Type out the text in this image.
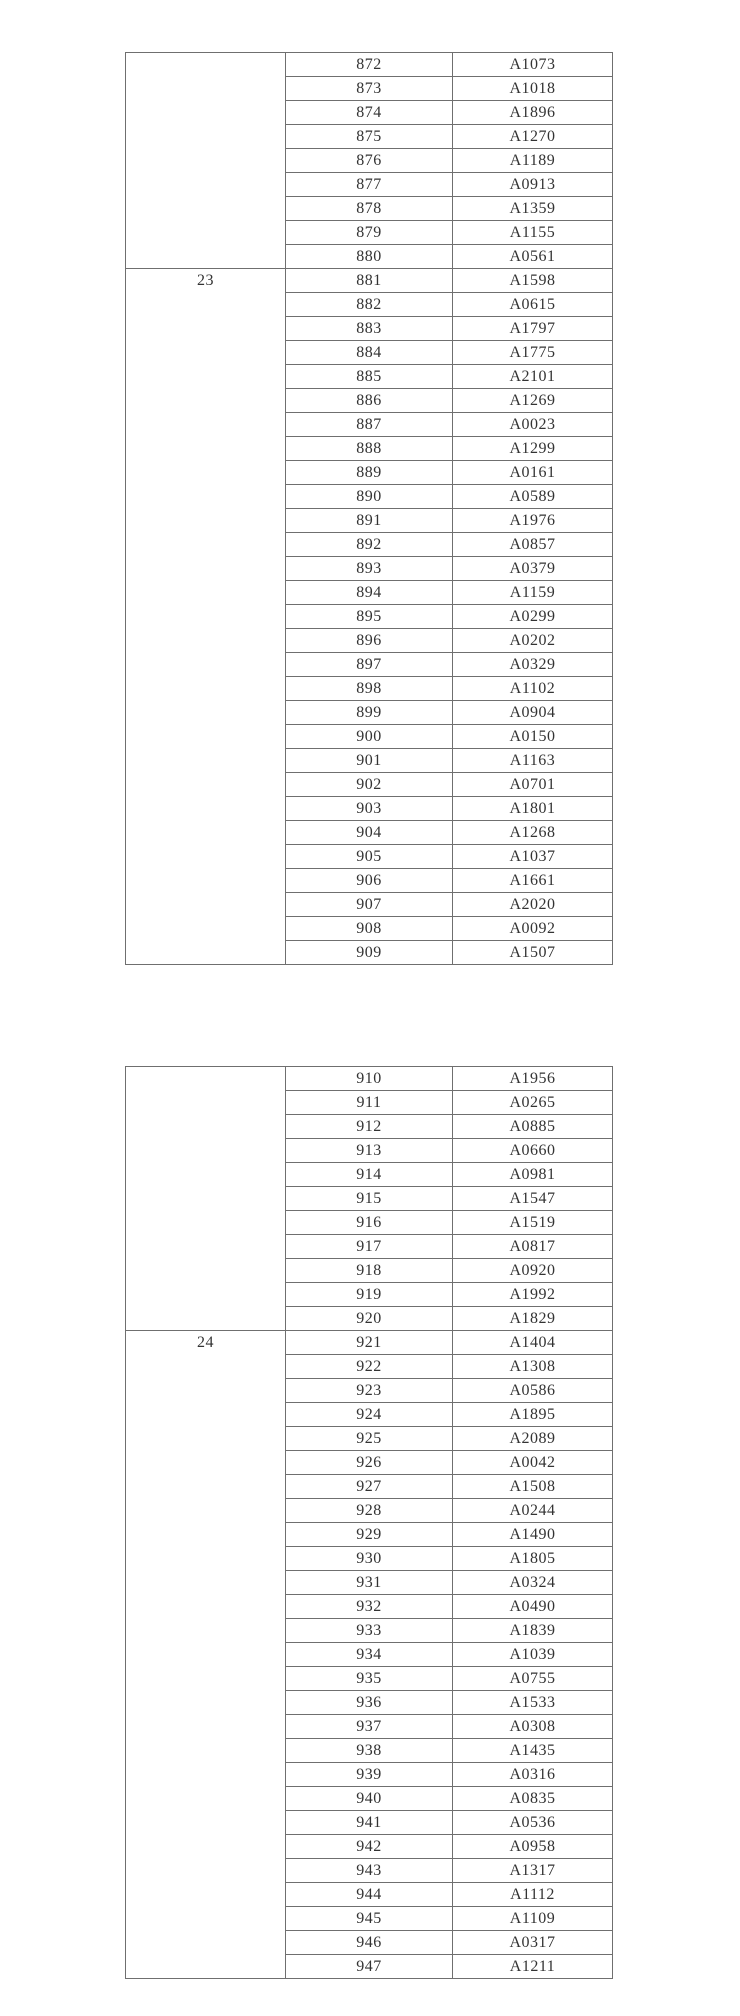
	872	A1073
	873	A1018
	874	A1896
	875	A1270
	876	A1189
	877	A0913
	878	A1359
	879	A1155
	880	A0561
23	881	A1598
	882	A0615
	883	A1797
	884	A1775
	885	A2101
	886	A1269
	887	A0023
	888	A1299
	889	A0161
	890	A0589
	891	A1976
	892	A0857
	893	A0379
	894	A1159
	895	A0299
	896	A0202
	897	A0329
	898	A1102
	899	A0904
	900	A0150
	901	A1163
	902	A0701
	903	A1801
	904	A1268
	905	A1037
	906	A1661
	907	A2020
	908	A0092
	909	A1507
	910	A1956
	911	A0265
	912	A0885
	913	A0660
	914	A0981
	915	A1547
	916	A1519
	917	A0817
	918	A0920
	919	A1992
	920	A1829
24	921	A1404
	922	A1308
	923	A0586
	924	A1895
	925	A2089
	926	A0042
	927	A1508
	928	A0244
	929	A1490
	930	A1805
	931	A0324
	932	A0490
	933	A1839
	934	A1039
	935	A0755
	936	A1533
	937	A0308
	938	A1435
	939	A0316
	940	A0835
	941	A0536
	942	A0958
	943	A1317
	944	A1112
	945	A1109
	946	A0317
	947	A1211
